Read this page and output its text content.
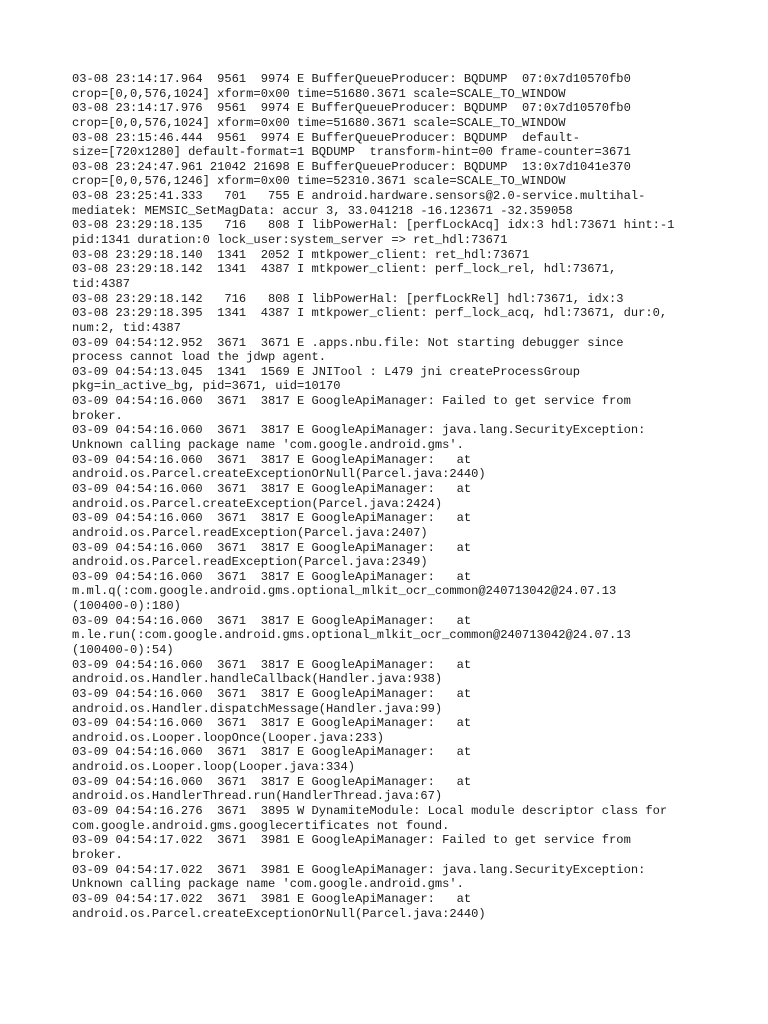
03-08 23:14:17.964  9561  9974 E BufferQueueProducer: BQDUMP  07:0x7d10570fb0
crop=[0,0,576,1024] xform=0x00 time=51680.3671 scale=SCALE_TO_WINDOW
03-08 23:14:17.976  9561  9974 E BufferQueueProducer: BQDUMP  07:0x7d10570fb0
crop=[0,0,576,1024] xform=0x00 time=51680.3671 scale=SCALE_TO_WINDOW
03-08 23:15:46.444  9561  9974 E BufferQueueProducer: BQDUMP  default-
size=[720x1280] default-format=1 BQDUMP  transform-hint=00 frame-counter=3671
03-08 23:24:47.961 21042 21698 E BufferQueueProducer: BQDUMP  13:0x7d1041e370
crop=[0,0,576,1246] xform=0x00 time=52310.3671 scale=SCALE_TO_WINDOW
03-08 23:25:41.333   701   755 E android.hardware.sensors@2.0-service.multihal-
mediatek: MEMSIC_SetMagData: accur 3, 33.041218 -16.123671 -32.359058
03-08 23:29:18.135   716   808 I libPowerHal: [perfLockAcq] idx:3 hdl:73671 hint:-1
pid:1341 duration:0 lock_user:system_server => ret_hdl:73671
03-08 23:29:18.140  1341  2052 I mtkpower_client: ret_hdl:73671
03-08 23:29:18.142  1341  4387 I mtkpower_client: perf_lock_rel, hdl:73671,
tid:4387
03-08 23:29:18.142   716   808 I libPowerHal: [perfLockRel] hdl:73671, idx:3
03-08 23:29:18.395  1341  4387 I mtkpower_client: perf_lock_acq, hdl:73671, dur:0,
num:2, tid:4387
03-09 04:54:12.952  3671  3671 E .apps.nbu.file: Not starting debugger since
process cannot load the jdwp agent.
03-09 04:54:13.045  1341  1569 E JNITool : L479 jni createProcessGroup
pkg=in_active_bg, pid=3671, uid=10170
03-09 04:54:16.060  3671  3817 E GoogleApiManager: Failed to get service from
broker.
03-09 04:54:16.060  3671  3817 E GoogleApiManager: java.lang.SecurityException:
Unknown calling package name 'com.google.android.gms'.
03-09 04:54:16.060  3671  3817 E GoogleApiManager:   at
android.os.Parcel.createExceptionOrNull(Parcel.java:2440)
03-09 04:54:16.060  3671  3817 E GoogleApiManager:   at
android.os.Parcel.createException(Parcel.java:2424)
03-09 04:54:16.060  3671  3817 E GoogleApiManager:   at
android.os.Parcel.readException(Parcel.java:2407)
03-09 04:54:16.060  3671  3817 E GoogleApiManager:   at
android.os.Parcel.readException(Parcel.java:2349)
03-09 04:54:16.060  3671  3817 E GoogleApiManager:   at
m.ml.q(:com.google.android.gms.optional_mlkit_ocr_common@240713042@24.07.13
(100400-0):180)
03-09 04:54:16.060  3671  3817 E GoogleApiManager:   at
m.le.run(:com.google.android.gms.optional_mlkit_ocr_common@240713042@24.07.13
(100400-0):54)
03-09 04:54:16.060  3671  3817 E GoogleApiManager:   at
android.os.Handler.handleCallback(Handler.java:938)
03-09 04:54:16.060  3671  3817 E GoogleApiManager:   at
android.os.Handler.dispatchMessage(Handler.java:99)
03-09 04:54:16.060  3671  3817 E GoogleApiManager:   at
android.os.Looper.loopOnce(Looper.java:233)
03-09 04:54:16.060  3671  3817 E GoogleApiManager:   at
android.os.Looper.loop(Looper.java:334)
03-09 04:54:16.060  3671  3817 E GoogleApiManager:   at
android.os.HandlerThread.run(HandlerThread.java:67)
03-09 04:54:16.276  3671  3895 W DynamiteModule: Local module descriptor class for
com.google.android.gms.googlecertificates not found.
03-09 04:54:17.022  3671  3981 E GoogleApiManager: Failed to get service from
broker.
03-09 04:54:17.022  3671  3981 E GoogleApiManager: java.lang.SecurityException:
Unknown calling package name 'com.google.android.gms'.
03-09 04:54:17.022  3671  3981 E GoogleApiManager:   at
android.os.Parcel.createExceptionOrNull(Parcel.java:2440)
